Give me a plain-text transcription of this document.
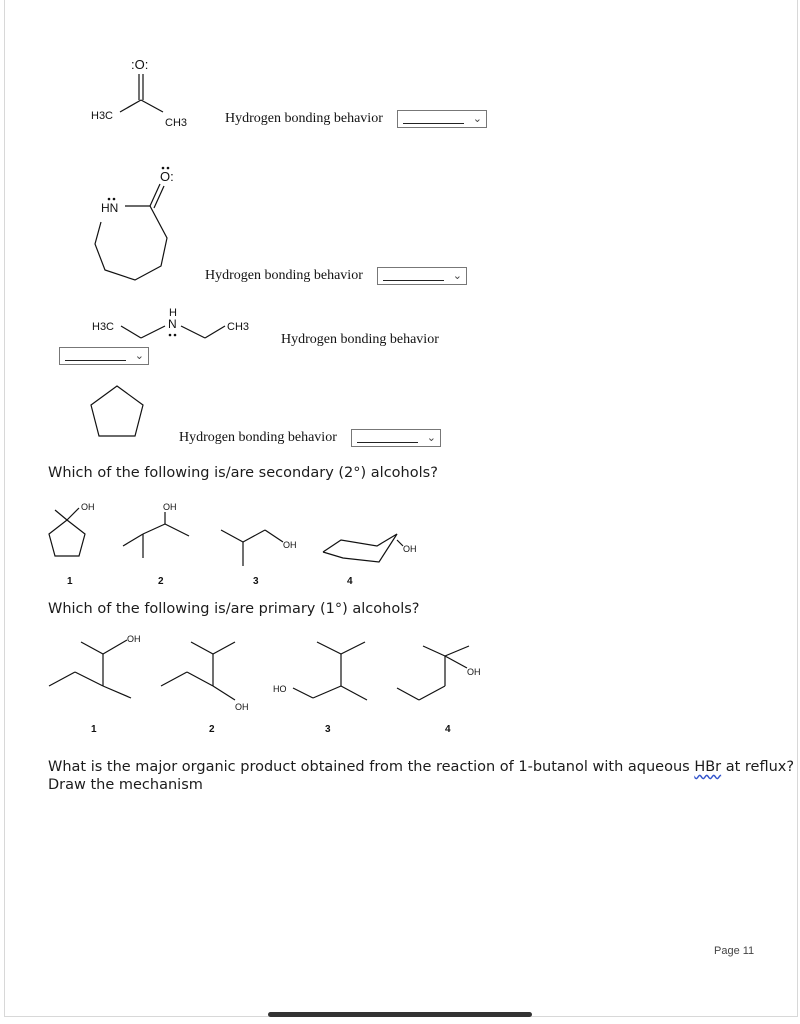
H3C
CH3
:O:
HN
O:
H3C
H
N	CH3
OH
1
OH
2
OH
3
OH
4
OH
1
OH
2
HO
3
OH
4
Hydrogen bonding behavior	⌄
Hydrogen bonding behavior	⌄
Hydrogen bonding behavior
⌄
Hydrogen bonding behavior	⌄
Which of the following is/are secondary (2°) alcohols?
Which of the following is/are primary (1°) alcohols?
What is the major organic product obtained from the reaction of 1-butanol with aqueous HBr at reflux?
Draw the mechanism
Page 11
